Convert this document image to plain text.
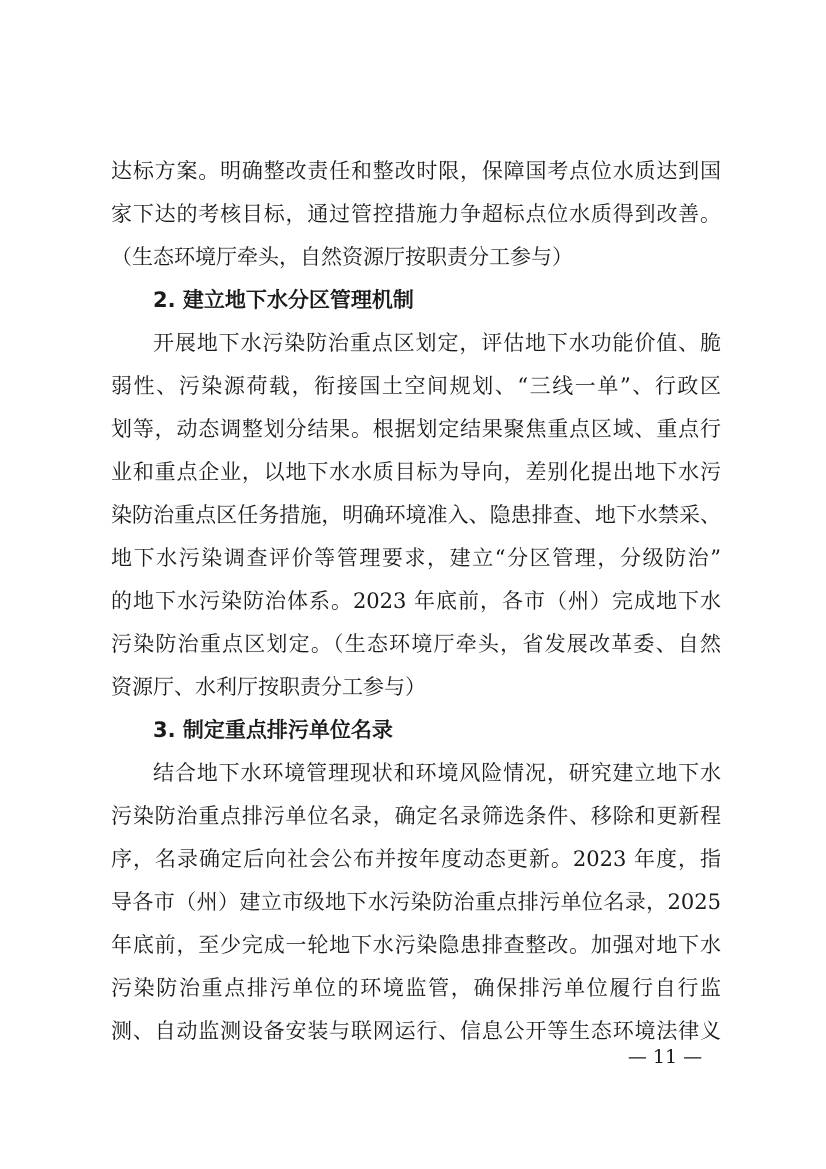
达标方案。明确整改责任和整改时限，保障国考点位水质达到国
家下达的考核目标，通过管控措施力争超标点位水质得到改善。
（生态环境厅牵头，自然资源厅按职责分工参与）
2. 建立地下水分区管理机制
开展地下水污染防治重点区划定，评估地下水功能价值、脆
弱性、污染源荷载，衔接国土空间规划、“三线一单”、行政区
划等，动态调整划分结果。根据划定结果聚焦重点区域、重点行
业和重点企业，以地下水水质目标为导向，差别化提出地下水污
染防治重点区任务措施，明确环境准入、隐患排查、地下水禁采、
地下水污染调查评价等管理要求，建立“分区管理，分级防治”
的地下水污染防治体系。2023 年底前，各市（州）完成地下水
污染防治重点区划定。（生态环境厅牵头，省发展改革委、自然
资源厅、水利厅按职责分工参与）
3. 制定重点排污单位名录
结合地下水环境管理现状和环境风险情况，研究建立地下水
污染防治重点排污单位名录，确定名录筛选条件、移除和更新程
序，名录确定后向社会公布并按年度动态更新。2023 年度，指
导各市（州）建立市级地下水污染防治重点排污单位名录，2025
年底前，至少完成一轮地下水污染隐患排查整改。加强对地下水
污染防治重点排污单位的环境监管，确保排污单位履行自行监
测、自动监测设备安装与联网运行、信息公开等生态环境法律义
— 11 —
